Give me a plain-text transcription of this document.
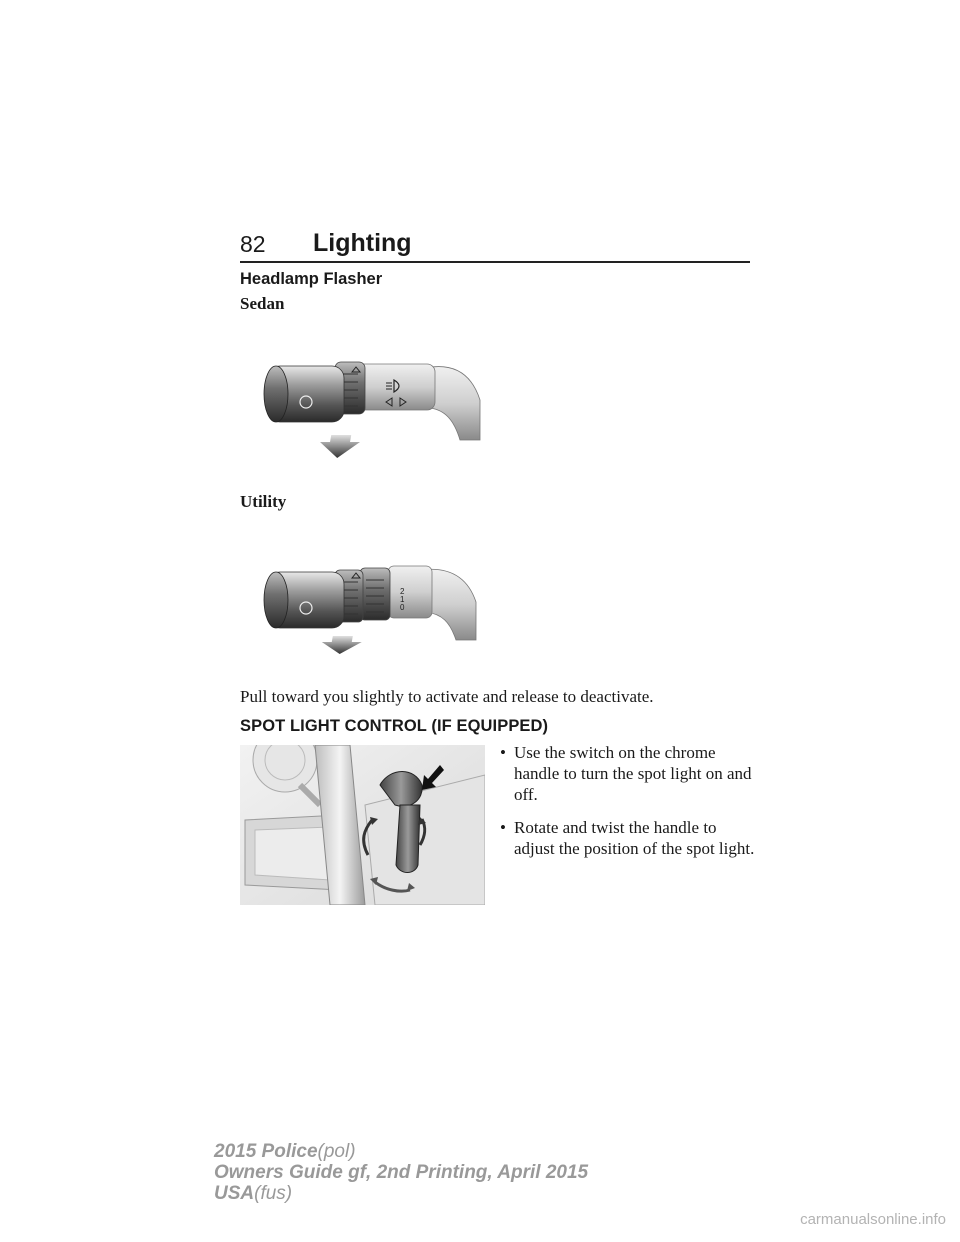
82 Lighting
Headlamp Flasher
Sedan
Utility
2
1
0
Pull toward you slightly to activate and release to deactivate.
SPOT LIGHT CONTROL (IF EQUIPPED)
• Use the switch on the chrome handle to turn the spot light on and off.
• Rotate and twist the handle to adjust the position of the spot light.
2015 Police(pol)
Owners Guide gf, 2nd Printing, April 2015
USA(fus)
carmanualsonline.info
